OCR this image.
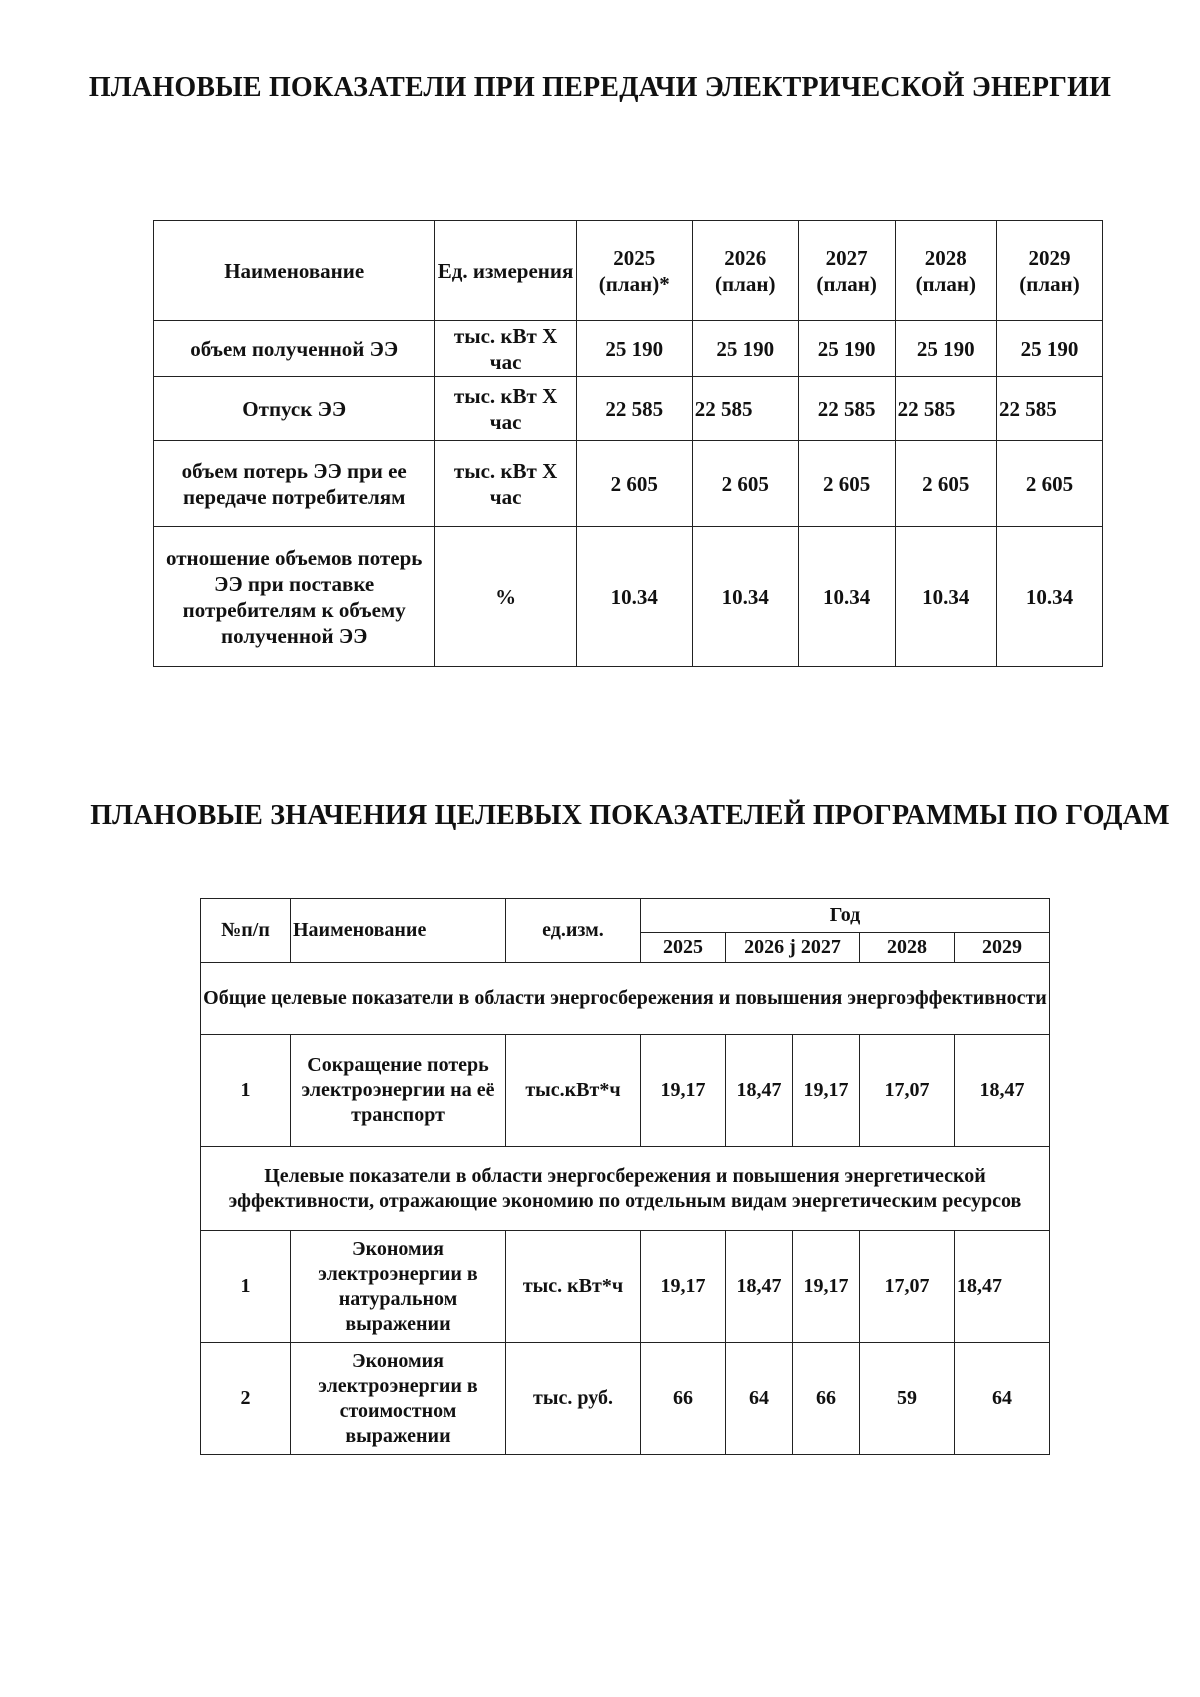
ПЛАНОВЫЕ ПОКАЗАТЕЛИ ПРИ ПЕРЕДАЧИ ЭЛЕКТРИЧЕСКОЙ ЭНЕРГИИ
Наименование	Ед. измерения	2025 (план)*	2026 (план)	2027 (план)	2028 (план)	2029 (план)
объем полученной ЭЭ	тыс. кВт Х час	25 190	25 190	25 190	25 190	25 190
Отпуск ЭЭ	тыс. кВт Х час	22 585	22 585	22 585	22 585	22 585
объем потерь ЭЭ при ее передаче потребителям	тыс. кВт Х час	2 605	2 605	2 605	2 605	2 605
отношение объемов потерь ЭЭ при поставке потребителям к объему полученной ЭЭ	%	10.34	10.34	10.34	10.34	10.34
ПЛАНОВЫЕ ЗНАЧЕНИЯ ЦЕЛЕВЫХ ПОКАЗАТЕЛЕЙ ПРОГРАММЫ ПО ГОДАМ
№п/п	Наименование	ед.изм.	Год				
			2025	2026 ј 2027		2028	2029
Общие целевые показатели в области энергосбережения и повышения энергоэффективности							
1	Сокращение потерь электроэнергии на её транспорт	тыс.кВт*ч	19,17	18,47	19,17	17,07	18,47
Целевые показатели в области энергосбережения и повышения энергетической эффективности, отражающие экономию по отдельным видам энергетическим ресурсов							
1	Экономия электроэнергии в натуральном выражении	тыс. кВт*ч	19,17	18,47	19,17	17,07	18,47
2	Экономия электроэнергии в стоимостном выражении	тыс. руб.	66	64	66	59	64
